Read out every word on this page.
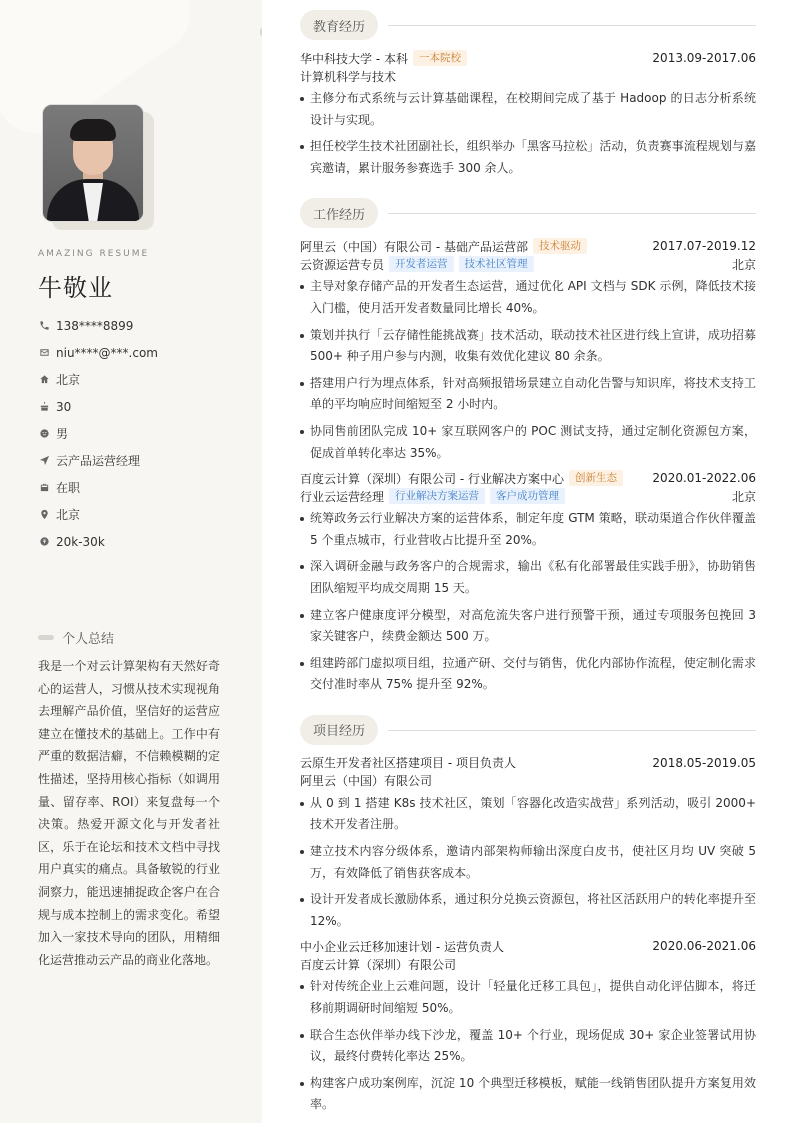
AMAZING RESUME
牛敬业
138****8899
niu****@***.com
北京
30
男
云产品运营经理
在职
北京
20k-30k
个人总结
我是一个对云计算架构有天然好奇心的运营人，习惯从技术实现视角去理解产品价值，坚信好的运营应建立在懂技术的基础上。工作中有严重的数据洁癖，不信赖模糊的定性描述，坚持用核心指标（如调用量、留存率、ROI）来复盘每一个决策。热爱开源文化与开发者社区，乐于在论坛和技术文档中寻找用户真实的痛点。具备敏锐的行业洞察力，能迅速捕捉政企客户在合规与成本控制上的需求变化。希望加入一家技术导向的团队，用精细化运营推动云产品的商业化落地。
教育经历
华中科技大学 - 本科	一本院校	2013.09-2017.06
计算机科学与技术
主修分布式系统与云计算基础课程，在校期间完成了基于 Hadoop 的日志分析系统设计与实现。
担任校学生技术社团副社长，组织举办「黑客马拉松」活动，负责赛事流程规划与嘉宾邀请，累计服务参赛选手 300 余人。
工作经历
阿里云（中国）有限公司 - 基础产品运营部	技术驱动	2017.07-2019.12
云资源运营专员	开发者运营	技术社区管理	北京
主导对象存储产品的开发者生态运营，通过优化 API 文档与 SDK 示例，降低技术接入门槛，使月活开发者数量同比增长 40%。
策划并执行「云存储性能挑战赛」技术活动，联动技术社区进行线上宣讲，成功招募 500+ 种子用户参与内测，收集有效优化建议 80 余条。
搭建用户行为埋点体系，针对高频报错场景建立自动化告警与知识库，将技术支持工单的平均响应时间缩短至 2 小时内。
协同售前团队完成 10+ 家互联网客户的 POC 测试支持，通过定制化资源包方案，促成首单转化率达 35%。
百度云计算（深圳）有限公司 - 行业解决方案中心	创新生态	2020.01-2022.06
行业云运营经理	行业解决方案运营	客户成功管理	北京
统筹政务云行业解决方案的运营体系，制定年度 GTM 策略，联动渠道合作伙伴覆盖 5 个重点城市，行业营收占比提升至 20%。
深入调研金融与政务客户的合规需求，输出《私有化部署最佳实践手册》，协助销售团队缩短平均成交周期 15 天。
建立客户健康度评分模型，对高危流失客户进行预警干预，通过专项服务包挽回 3 家关键客户，续费金额达 500 万。
组建跨部门虚拟项目组，拉通产研、交付与销售，优化内部协作流程，使定制化需求交付准时率从 75% 提升至 92%。
项目经历
云原生开发者社区搭建项目 - 项目负责人	2018.05-2019.05
阿里云（中国）有限公司
从 0 到 1 搭建 K8s 技术社区，策划「容器化改造实战营」系列活动，吸引 2000+ 技术开发者注册。
建立技术内容分级体系，邀请内部架构师输出深度白皮书，使社区月均 UV 突破 5 万，有效降低了销售获客成本。
设计开发者成长激励体系，通过积分兑换云资源包，将社区活跃用户的转化率提升至 12%。
中小企业云迁移加速计划 - 运营负责人	2020.06-2021.06
百度云计算（深圳）有限公司
针对传统企业上云难问题，设计「轻量化迁移工具包」，提供自动化评估脚本，将迁移前期调研时间缩短 50%。
联合生态伙伴举办线下沙龙，覆盖 10+ 个行业，现场促成 30+ 家企业签署试用协议，最终付费转化率达 25%。
构建客户成功案例库，沉淀 10 个典型迁移模板，赋能一线销售团队提升方案复用效率。
